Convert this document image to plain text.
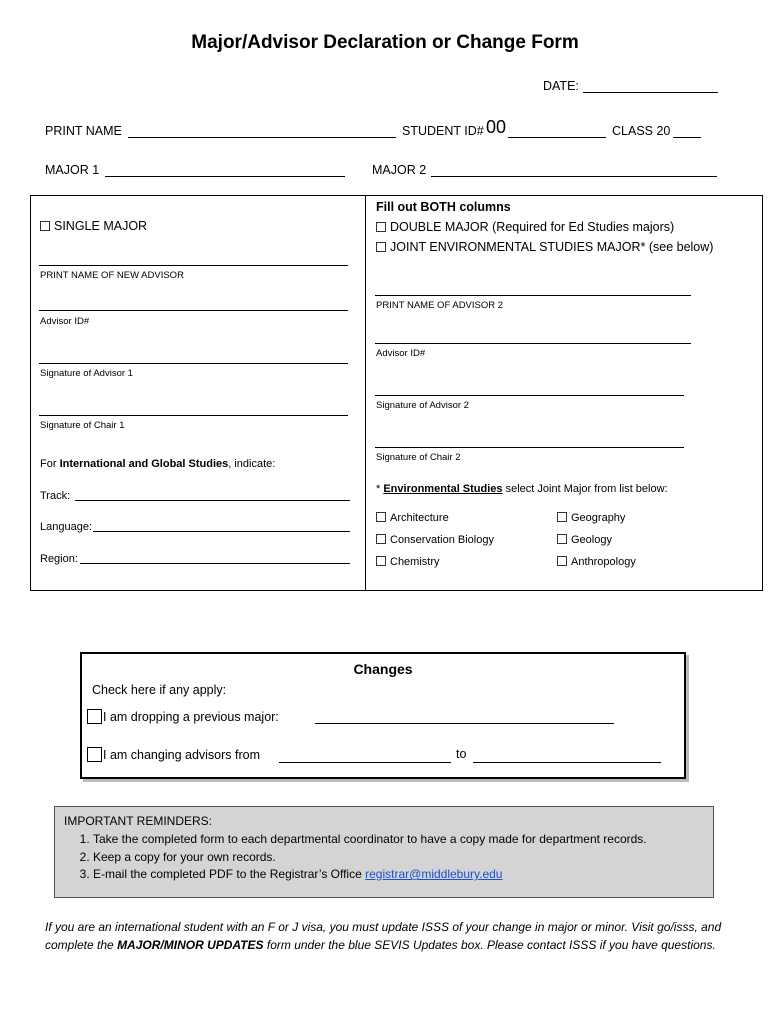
Major/Advisor Declaration or Change Form
DATE:
PRINT NAME	STUDENT ID# 00	CLASS 20
MAJOR 1	MAJOR 2
SINGLE MAJOR
PRINT NAME OF NEW ADVISOR
Advisor ID#
Signature of Advisor 1
Signature of Chair 1
For International and Global Studies, indicate:
Track:
Language:
Region:
Fill out BOTH columns
DOUBLE MAJOR (Required for Ed Studies majors)
JOINT ENVIRONMENTAL STUDIES MAJOR* (see below)
PRINT NAME OF ADVISOR 2
Advisor ID#
Signature of Advisor 2
Signature of Chair 2
* Environmental Studies select Joint Major from list below:
Architecture	Geography
Conservation Biology	Geology
Chemistry	Anthropology
Changes
Check here if any apply:
I am dropping a previous major:
I am changing advisors from	to
IMPORTANT REMINDERS:
1. Take the completed form to each departmental coordinator to have a copy made for department records.
2. Keep a copy for your own records.
3. E-mail the completed PDF to the Registrar’s Office registrar@middlebury.edu
If you are an international student with an F or J visa, you must update ISSS of your change in major or minor. Visit go/isss, and complete the MAJOR/MINOR UPDATES form under the blue SEVIS Updates box. Please contact ISSS if you have questions.
